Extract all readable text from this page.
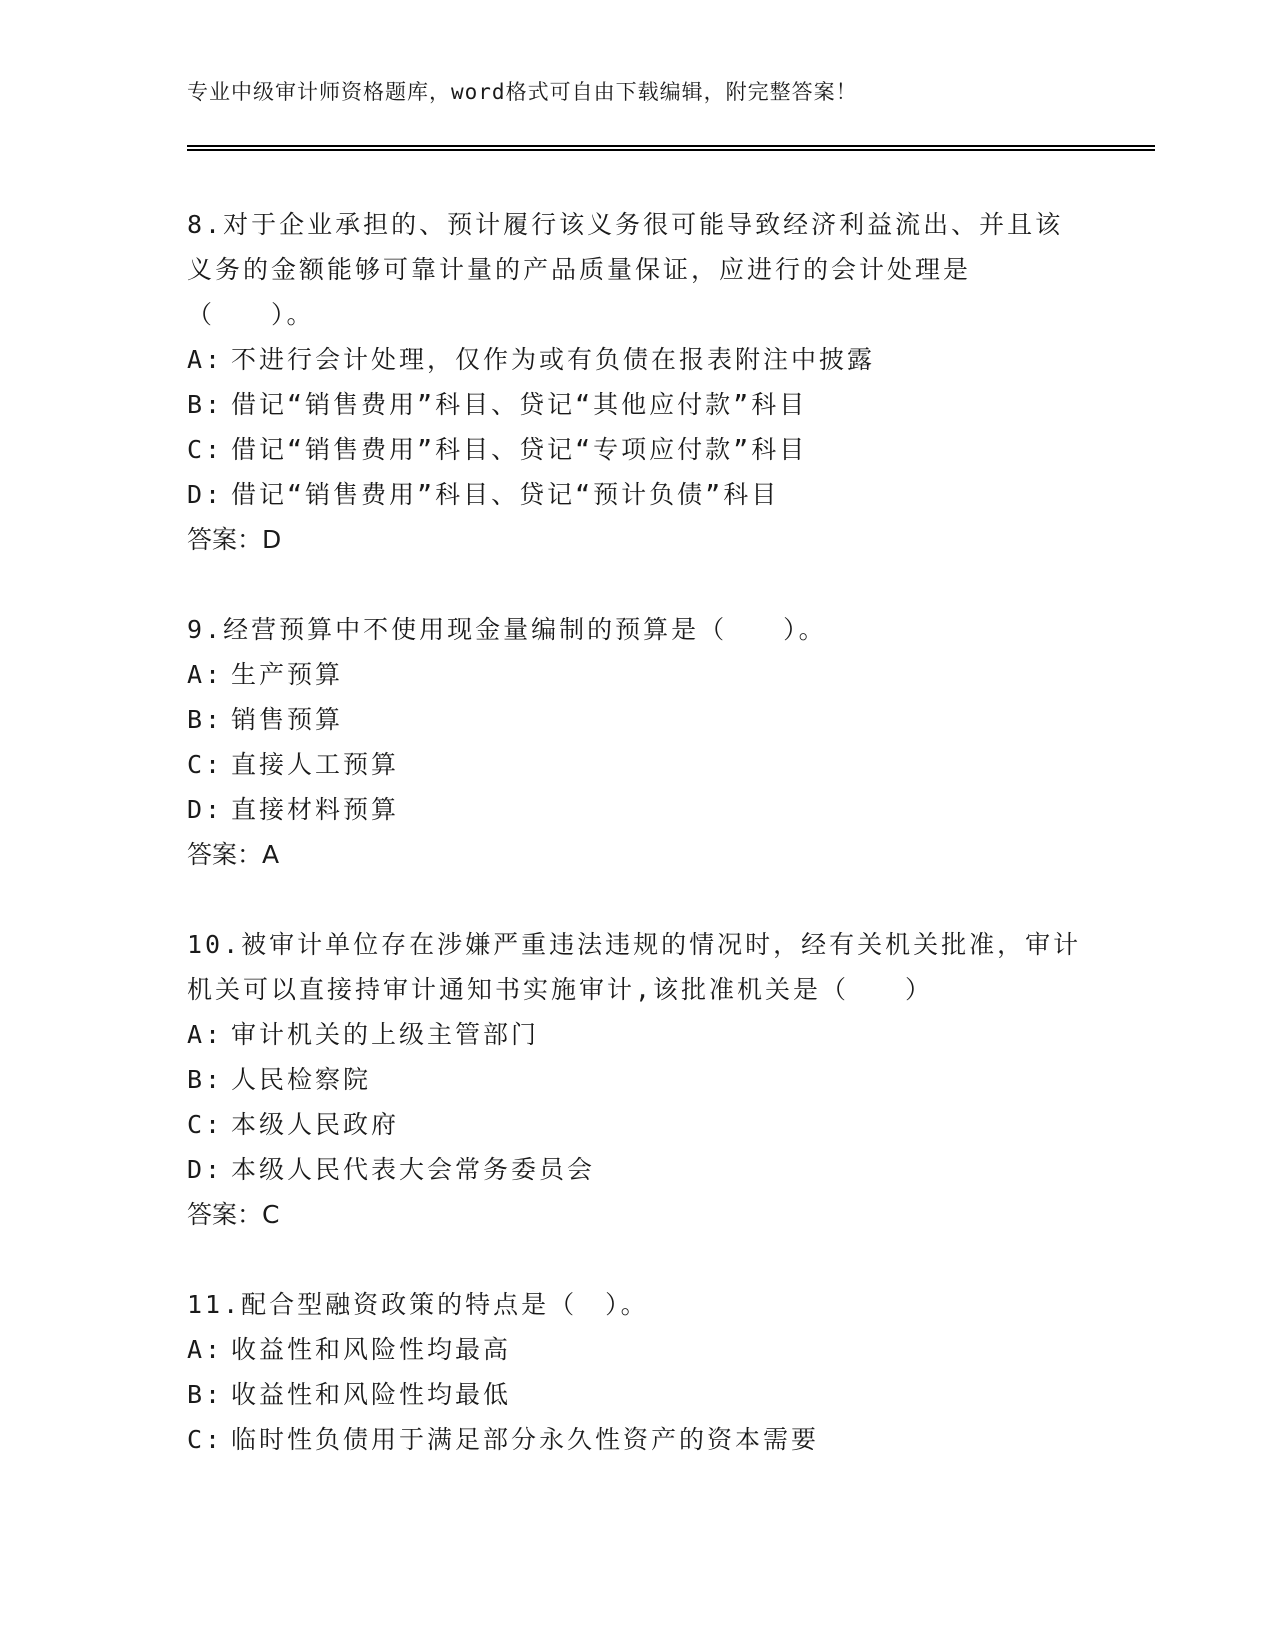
专业中级审计师资格题库，word格式可自由下载编辑，附完整答案！

8.对于企业承担的、预计履行该义务很可能导致经济利益流出、并且该义务的金额能够可靠计量的产品质量保证，应进行的会计处理是（　　）。

A: 不进行会计处理，仅作为或有负债在报表附注中披露

B: 借记“销售费用”科目、贷记“其他应付款”科目

C: 借记“销售费用”科目、贷记“专项应付款”科目

D: 借记“销售费用”科目、贷记“预计负债”科目

答案：D

9.经营预算中不使用现金量编制的预算是（　　）。

A: 生产预算

B: 销售预算

C: 直接人工预算

D: 直接材料预算

答案：A

10.被审计单位存在涉嫌严重违法违规的情况时，经有关机关批准，审计机关可以直接持审计通知书实施审计,该批准机关是（　　）

A: 审计机关的上级主管部门

B: 人民检察院

C: 本级人民政府

D: 本级人民代表大会常务委员会

答案：C

11.配合型融资政策的特点是（　）。

A: 收益性和风险性均最高

B: 收益性和风险性均最低

C: 临时性负债用于满足部分永久性资产的资本需要
